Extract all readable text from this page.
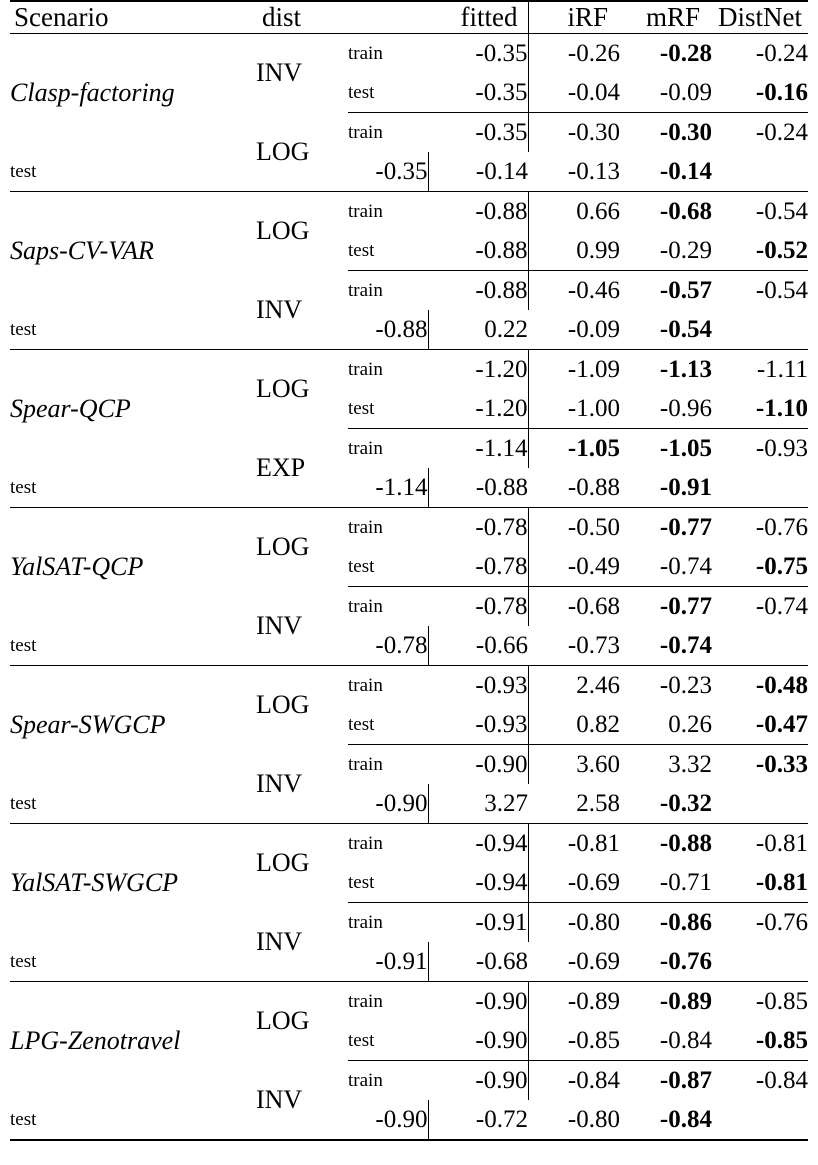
Scenario	dist		fitted	iRF	mRF	DistNet

Clasp-factoring	INV	train	-0.35	-0.26	-0.28	-0.24
		test	-0.35	-0.04	-0.09	-0.16

	LOG	train	-0.35	-0.30	-0.30	-0.24
test		-0.35	-0.14	-0.13	-0.14	

Saps-CV-VAR	LOG	train	-0.88	0.66	-0.68	-0.54
		test	-0.88	0.99	-0.29	-0.52

	INV	train	-0.88	-0.46	-0.57	-0.54
test		-0.88	0.22	-0.09	-0.54	

Spear-QCP	LOG	train	-1.20	-1.09	-1.13	-1.11
		test	-1.20	-1.00	-0.96	-1.10

	EXP	train	-1.14	-1.05	-1.05	-0.93
test		-1.14	-0.88	-0.88	-0.91	

YalSAT-QCP	LOG	train	-0.78	-0.50	-0.77	-0.76
		test	-0.78	-0.49	-0.74	-0.75

	INV	train	-0.78	-0.68	-0.77	-0.74
test		-0.78	-0.66	-0.73	-0.74	

Spear-SWGCP	LOG	train	-0.93	2.46	-0.23	-0.48
		test	-0.93	0.82	0.26	-0.47

	INV	train	-0.90	3.60	3.32	-0.33
test		-0.90	3.27	2.58	-0.32	

YalSAT-SWGCP	LOG	train	-0.94	-0.81	-0.88	-0.81
		test	-0.94	-0.69	-0.71	-0.81

	INV	train	-0.91	-0.80	-0.86	-0.76
test		-0.91	-0.68	-0.69	-0.76	

LPG-Zenotravel	LOG	train	-0.90	-0.89	-0.89	-0.85
		test	-0.90	-0.85	-0.84	-0.85

	INV	train	-0.90	-0.84	-0.87	-0.84
test		-0.90	-0.72	-0.80	-0.84	
